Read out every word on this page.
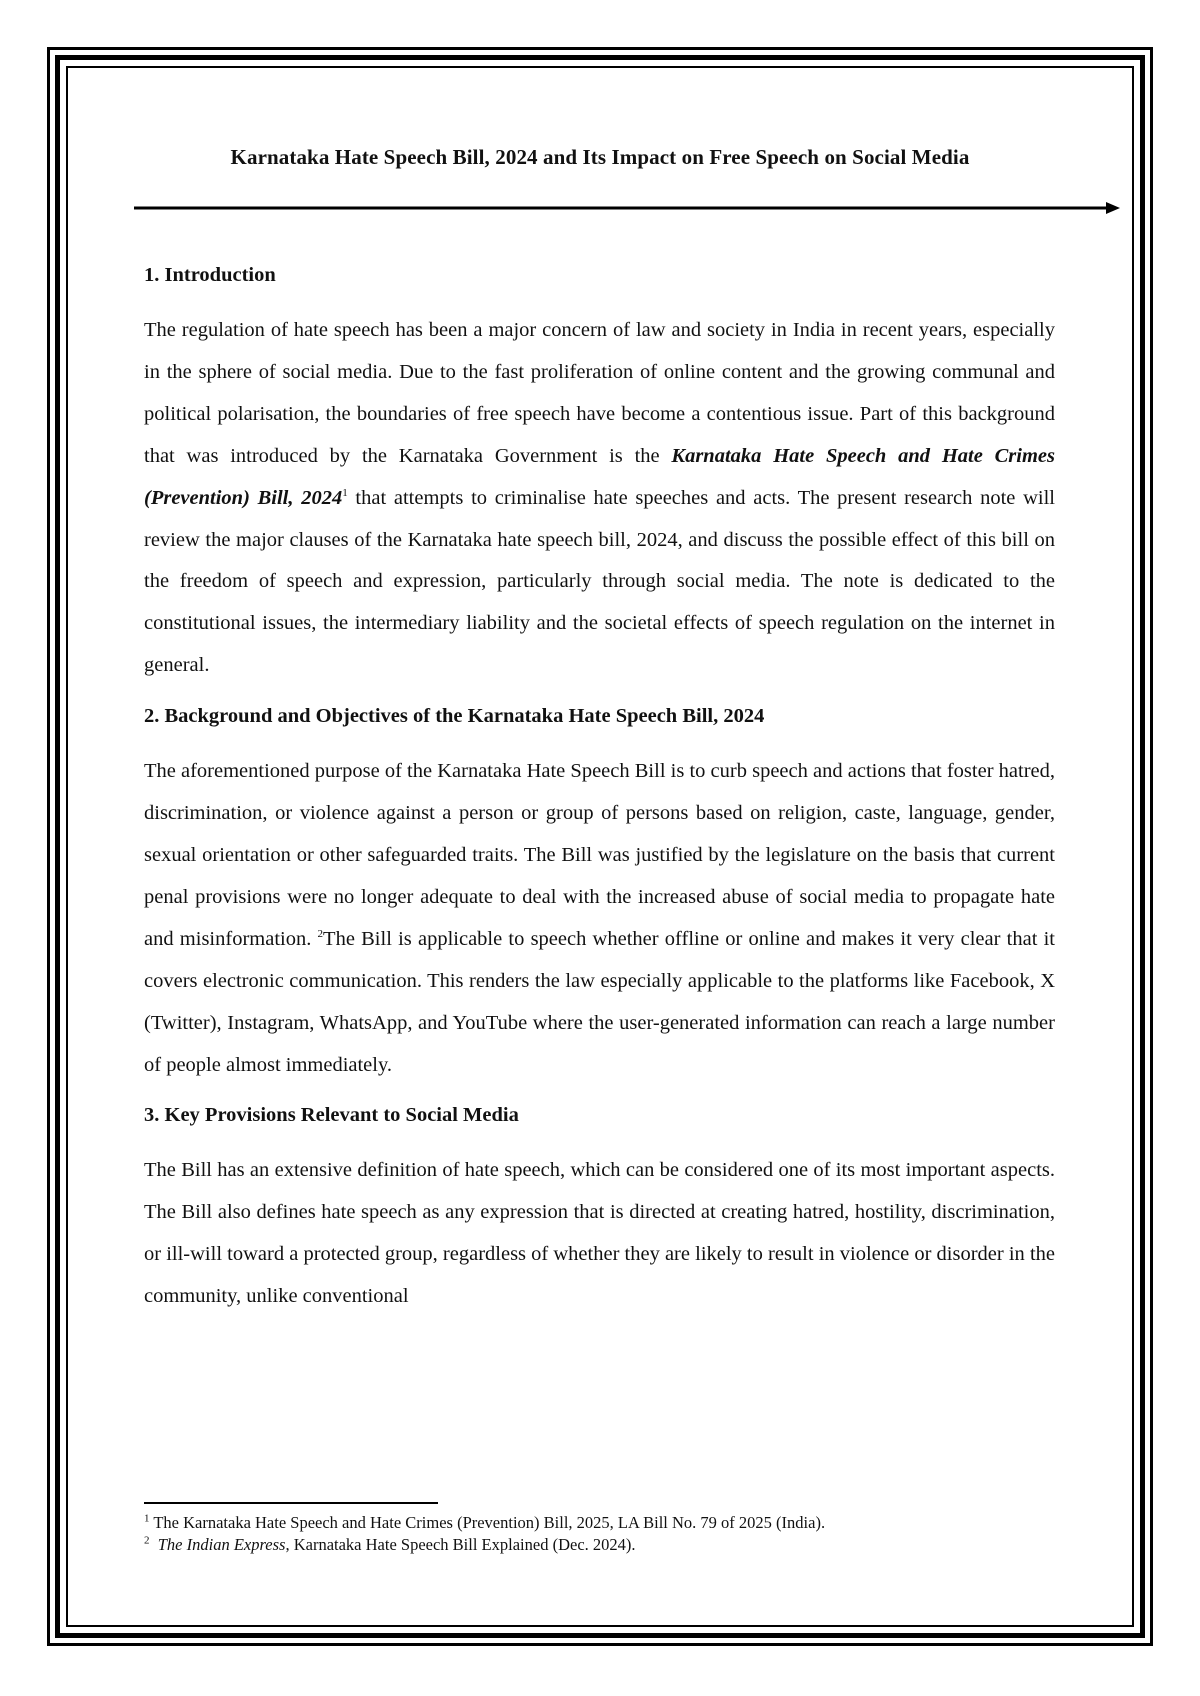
Karnataka Hate Speech Bill, 2024 and Its Impact on Free Speech on Social Media
1. Introduction

The regulation of hate speech has been a major concern of law and society in India in recent years, especially in the sphere of social media. Due to the fast proliferation of online content and the growing communal and political polarisation, the boundaries of free speech have become a contentious issue. Part of this background that was introduced by the Karnataka Government is the Karnataka Hate Speech and Hate Crimes (Prevention) Bill, 2024$^1$ that attempts to criminalise hate speeches and acts. The present research note will review the major clauses of the Karnataka hate speech bill, 2024, and discuss the possible effect of this bill on the freedom of speech and expression, particularly through social media. The note is dedicated to the constitutional issues, the intermediary liability and the societal effects of speech regulation on the internet in general.

2. Background and Objectives of the Karnataka Hate Speech Bill, 2024

The aforementioned purpose of the Karnataka Hate Speech Bill is to curb speech and actions that foster hatred, discrimination, or violence against a person or group of persons based on religion, caste, language, gender, sexual orientation or other safeguarded traits. The Bill was justified by the legislature on the basis that current penal provisions were no longer adequate to deal with the increased abuse of social media to propagate hate and misinformation. $^2$The Bill is applicable to speech whether offline or online and makes it very clear that it covers electronic communication. This renders the law especially applicable to the platforms like Facebook, X (Twitter), Instagram, WhatsApp, and YouTube where the user-generated information can reach a large number of people almost immediately.

3. Key Provisions Relevant to Social Media

The Bill has an extensive definition of hate speech, which can be considered one of its most important aspects. The Bill also defines hate speech as any expression that is directed at creating hatred, hostility, discrimination, or ill-will toward a protected group, regardless of whether they are likely to result in violence or disorder in the community, unlike conventional

$^1$ The Karnataka Hate Speech and Hate Crimes (Prevention) Bill, 2025, LA Bill No. 79 of 2025 (India).

$^2$ The Indian Express, Karnataka Hate Speech Bill Explained (Dec. 2024).
